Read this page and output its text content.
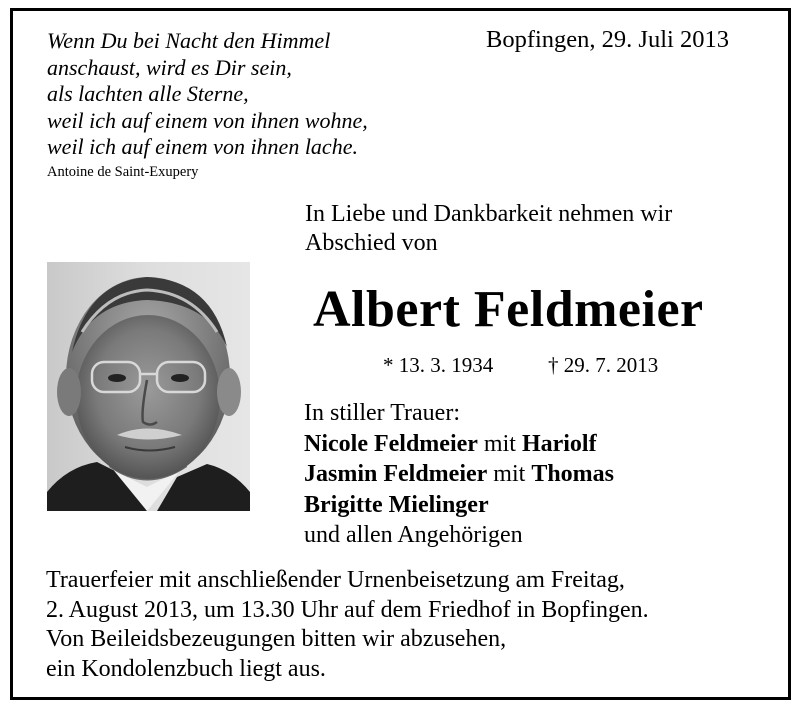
Wenn Du bei Nacht den Himmel
anschaust, wird es Dir sein,
als lachten alle Sterne,
weil ich auf einem von ihnen wohne,
weil ich auf einem von ihnen lache.
Antoine de Saint-Exupery
Bopfingen, 29. Juli 2013
In Liebe und Dankbarkeit nehmen wir
Abschied von
Albert Feldmeier
* 13. 3. 1934	† 29. 7. 2013
In stiller Trauer:
Nicole Feldmeier mit Hariolf
Jasmin Feldmeier mit Thomas
Brigitte Mielinger
und allen Angehörigen
Trauerfeier mit anschließender Urnenbeisetzung am Freitag,
2. August 2013, um 13.30 Uhr auf dem Friedhof in Bopfingen.
Von Beileidsbezeugungen bitten wir abzusehen,
ein Kondolenzbuch liegt aus.
